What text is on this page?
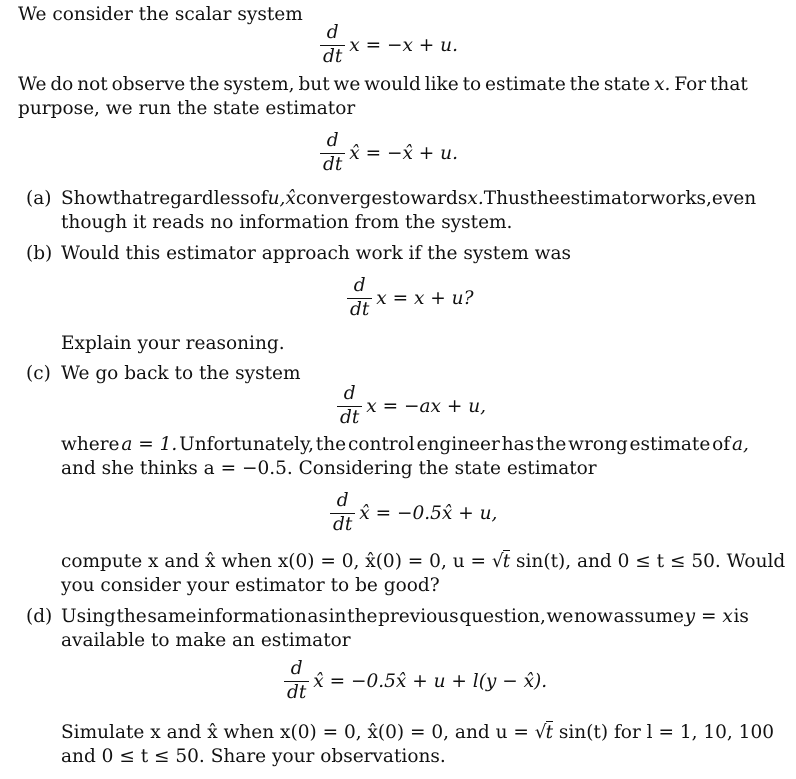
We consider the scalar system
$\frac{d}{dt}$ x = −x + u.
We do not observe the system, but we would like to estimate the state x. For that
purpose, we run the state estimator
$\frac{d}{dt}$ x̂ = −x̂ + u.
(a) Show that regardless of u, x̂ converges towards x. Thus the estimator works, even
though it reads no information from the system.
(b) Would this estimator approach work if the system was
$\frac{d}{dt}$ x = x + u?
Explain your reasoning.
(c) We go back to the system
$\frac{d}{dt}$ x = −ax + u,
where a = 1. Unfortunately, the control engineer has the wrong estimate of a,
and she thinks a = −0.5. Considering the state estimator
$\frac{d}{dt}$ x̂ = −0.5x̂ + u,
compute x and x̂ when x(0) = 0, x̂(0) = 0, u = √t sin(t), and 0 ≤ t ≤ 50. Would
you consider your estimator to be good?
(d) Using the same information as in the previous question, we now assume y = x is
available to make an estimator
$\frac{d}{dt}$ x̂ = −0.5x̂ + u + l(y − x̂).
Simulate x and x̂ when x(0) = 0, x̂(0) = 0, and u = √t sin(t) for l = 1, 10, 100
and 0 ≤ t ≤ 50. Share your observations.
